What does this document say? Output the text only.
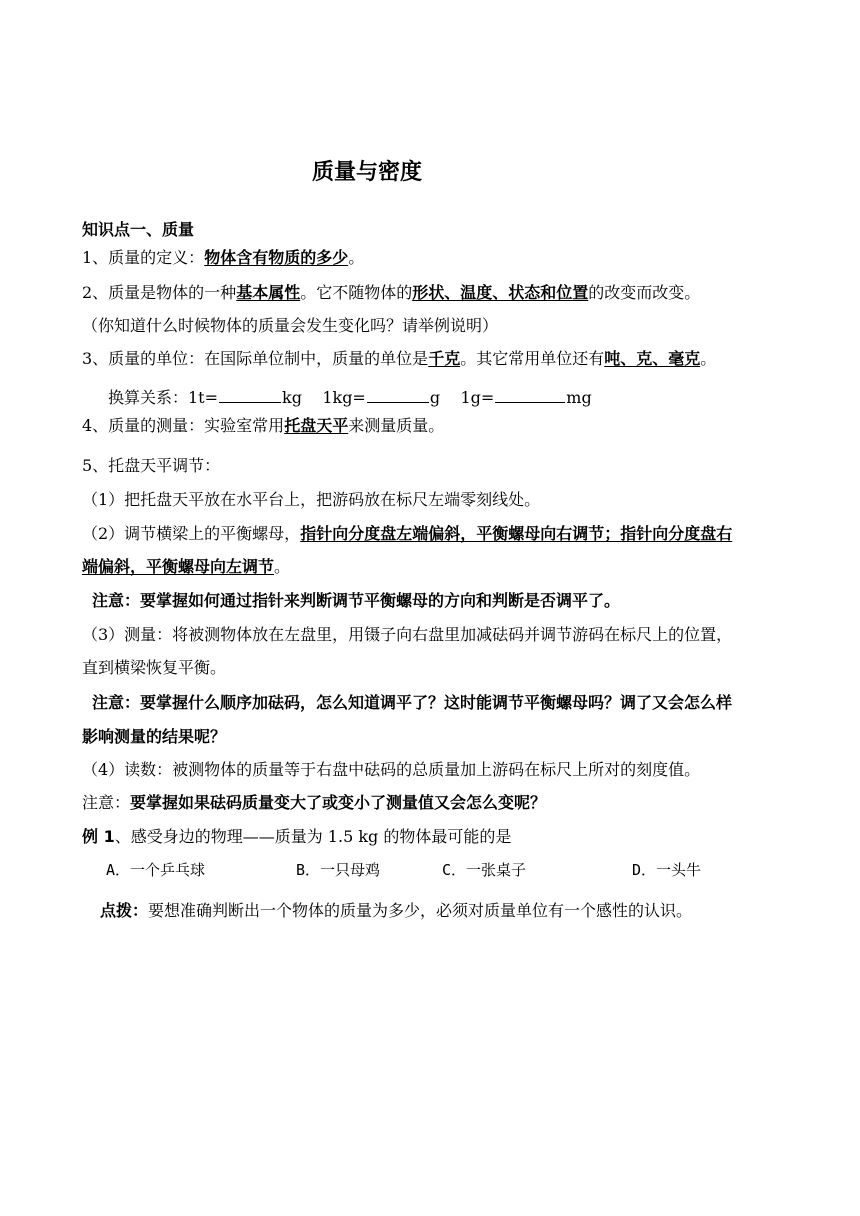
质量与密度
知识点一、质量
1、质量的定义：物体含有物质的多少。
2、质量是物体的一种基本属性。它不随物体的形状、温度、状态和位置的改变而改变。
（你知道什么时候物体的质量会发生变化吗？请举例说明）
3、质量的单位：在国际单位制中，质量的单位是千克。其它常用单位还有吨、克、毫克。
换算关系：1t=	kg 1kg=	g 1g=	mg
4、质量的测量：实验室常用托盘天平来测量质量。
5、托盘天平调节：
（1）把托盘天平放在水平台上，把游码放在标尺左端零刻线处。
（2）调节横梁上的平衡螺母，指针向分度盘左端偏斜，平衡螺母向右调节；指针向分度盘右
端偏斜，平衡螺母向左调节。
注意：要掌握如何通过指针来判断调节平衡螺母的方向和判断是否调平了。
（3）测量：将被测物体放在左盘里，用镊子向右盘里加减砝码并调节游码在标尺上的位置，
直到横梁恢复平衡。
注意：要掌握什么顺序加砝码，怎么知道调平了？这时能调节平衡螺母吗？调了又会怎么样
影响测量的结果呢？
（4）读数：被测物体的质量等于右盘中砝码的总质量加上游码在标尺上所对的刻度值。
注意：要掌握如果砝码质量变大了或变小了测量值又会怎么变呢？
例 1、感受身边的物理——质量为 1.5 kg 的物体最可能的是
A．一个乒乓球	B．一只母鸡	C．一张桌子	D．一头牛
点拨：要想准确判断出一个物体的质量为多少，必须对质量单位有一个感性的认识。
